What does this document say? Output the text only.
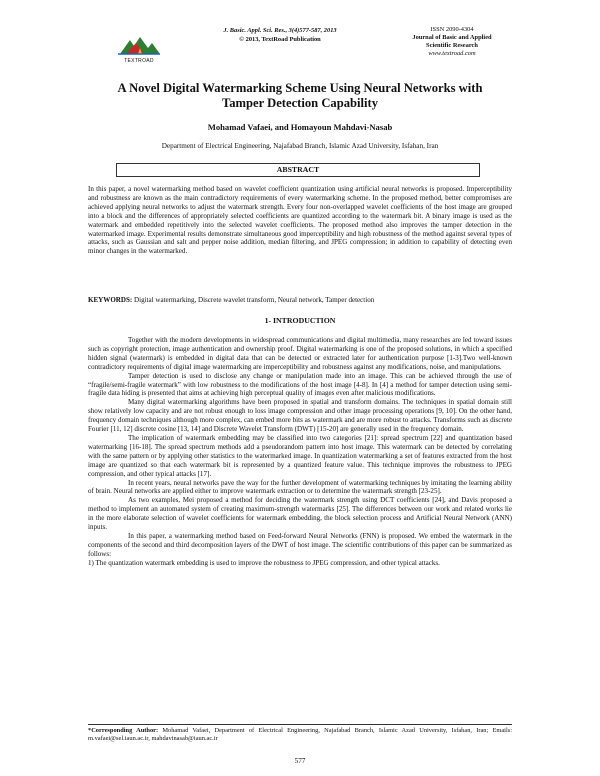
TEXTROAD
J. Basic. Appl. Sci. Res., 3(4)577-587, 2013
© 2013, TextRoad Publication
ISSN 2090-4304
Journal of Basic and Applied
Scientific Research
www.textroad.com
A Novel Digital Watermarking Scheme Using Neural Networks with
Tamper Detection Capability
Mohamad Vafaei, and Homayoun Mahdavi-Nasab
Department of Electrical Engineering, Najafabad Branch, Islamic Azad University, Isfahan, Iran
ABSTRACT
In this paper, a novel watermarking method based on wavelet coefficient quantization using artificial neural networks is proposed. Imperceptibility and robustness are known as the main contradictory requirements of every watermarking scheme. In the proposed method, better compromises are achieved applying neural networks to adjust the watermark strength. Every four non-overlapped wavelet coefficients of the host image are grouped into a block and the differences of appropriately selected coefficients are quantized according to the watermark bit. A binary image is used as the watermark and embedded repetitively into the selected wavelet coefficients. The proposed method also improves the tamper detection in the watermarked image. Experimental results demonstrate simultaneous good imperceptibility and high robustness of the method against several types of attacks, such as Gaussian and salt and pepper noise addition, median filtering, and JPEG compression; in addition to capability of detecting even minor changes in the watermarked.
KEYWORDS: Digital watermarking, Discrete wavelet transform, Neural network, Tamper detection
1- INTRODUCTION

Together with the modern developments in widespread communications and digital multimedia, many researches are led toward issues such as copyright protection, image authentication and ownership proof. Digital watermarking is one of the proposed solutions, in which a specified hidden signal (watermark) is embedded in digital data that can be detected or extracted later for authentication purpose [1-3].Two well-known contradictory requirements of digital image watermarking are imperceptibility and robustness against any modifications, noise, and manipulations.

Tamper detection is used to disclose any change or manipulation made into an image. This can be achieved through the use of “fragile/semi-fragile watermark” with low robustness to the modifications of the host image [4-8]. In [4] a method for tamper detection using semi-fragile data hiding is presented that aims at achieving high perceptual quality of images even after malicious modifications.

Many digital watermarking algorithms have been proposed in spatial and transform domains. The techniques in spatial domain still show relatively low capacity and are not robust enough to loss image compression and other image processing operations [9, 10]. On the other hand, frequency domain techniques although more complex, can embed more bits as watermark and are more robust to attacks. Transforms such as discrete Fourier [11, 12] discrete cosine [13, 14] and Discrete Wavelet Transform (DWT) [15-20] are generally used in the frequency domain.

The implication of watermark embedding may be classified into two categories [21]: spread spectrum [22] and quantization based watermarking [16-18]. The spread spectrum methods add a pseudorandom pattern into host image. This watermark can be detected by correlating with the same pattern or by applying other statistics to the watermarked image. In quantization watermarking a set of features extracted from the host image are quantized so that each watermark bit is represented by a quantized feature value. This technique improves the robustness to JPEG compression, and other typical attacks [17].

In recent years, neural networks pave the way for the further development of watermarking techniques by imitating the learning ability of brain. Neural networks are applied either to improve watermark extraction or to determine the watermark strength [23-25].

As two examples, Mei proposed a method for deciding the watermark strength using DCT coefficients [24], and Davis proposed a method to implement an automated system of creating maximum-strength watermarks [25]. The differences between our work and related works lie in the more elaborate selection of wavelet coefficients for watermark embedding, the block selection process and Artificial Neural Network (ANN) inputs.

In this paper, a watermarking method based on Feed-forward Neural Networks (FNN) is proposed. We embed the watermark in the components of the second and third decomposition layers of the DWT of host image. The scientific contributions of this paper can be summarized as follows:

1) The quantization watermark embedding is used to improve the robustness to JPEG compression, and other typical attacks.

*Corresponding Author: Mohamad Vafaei, Department of Electrical Engineering, Najafabad Branch, Islamic Azad University, Isfahan, Iran; Emails: m.vafaei@sel.iaun.ac.ir, mahdavinasab@iaun.ac.ir
577
